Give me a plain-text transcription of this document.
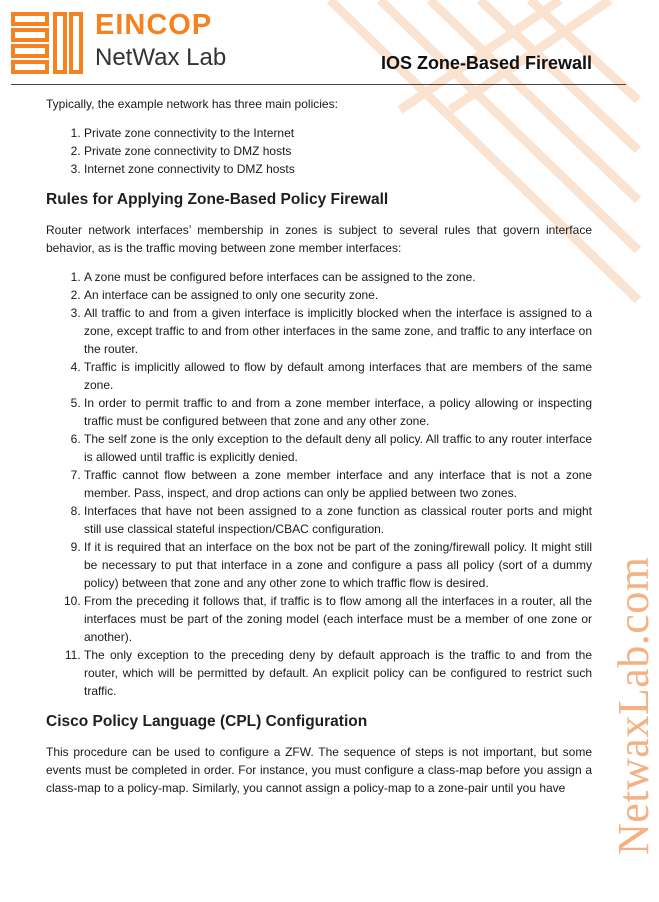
EINCOP
NetWax Lab	IOS Zone-Based Firewall
NetwaxLab.com

Typically, the example network has three main policies:

1. Private zone connectivity to the Internet
2. Private zone connectivity to DMZ hosts
3. Internet zone connectivity to DMZ hosts
Rules for Applying Zone-Based Policy Firewall

Router network interfaces’ membership in zones is subject to several rules that govern interface behavior, as is the traffic moving between zone member interfaces:

1. A zone must be configured before interfaces can be assigned to the zone.
2. An interface can be assigned to only one security zone.
3. All traffic to and from a given interface is implicitly blocked when the interface is assigned to a zone, except traffic to and from other interfaces in the same zone, and traffic to any interface on the router.
4. Traffic is implicitly allowed to flow by default among interfaces that are members of the same zone.
5. In order to permit traffic to and from a zone member interface, a policy allowing or inspecting traffic must be configured between that zone and any other zone.
6. The self zone is the only exception to the default deny all policy. All traffic to any router interface is allowed until traffic is explicitly denied.
7. Traffic cannot flow between a zone member interface and any interface that is not a zone member. Pass, inspect, and drop actions can only be applied between two zones.
8. Interfaces that have not been assigned to a zone function as classical router ports and might still use classical stateful inspection/CBAC configuration.
9. If it is required that an interface on the box not be part of the zoning/firewall policy. It might still be necessary to put that interface in a zone and configure a pass all policy (sort of a dummy policy) between that zone and any other zone to which traffic flow is desired.
10. From the preceding it follows that, if traffic is to flow among all the interfaces in a router, all the interfaces must be part of the zoning model (each interface must be a member of one zone or another).
11. The only exception to the preceding deny by default approach is the traffic to and from the router, which will be permitted by default. An explicit policy can be configured to restrict such traffic.
Cisco Policy Language (CPL) Configuration

This procedure can be used to configure a ZFW. The sequence of steps is not important, but some events must be completed in order. For instance, you must configure a class-map before you assign a class-map to a policy-map. Similarly, you cannot assign a policy-map to a zone-pair until you have
